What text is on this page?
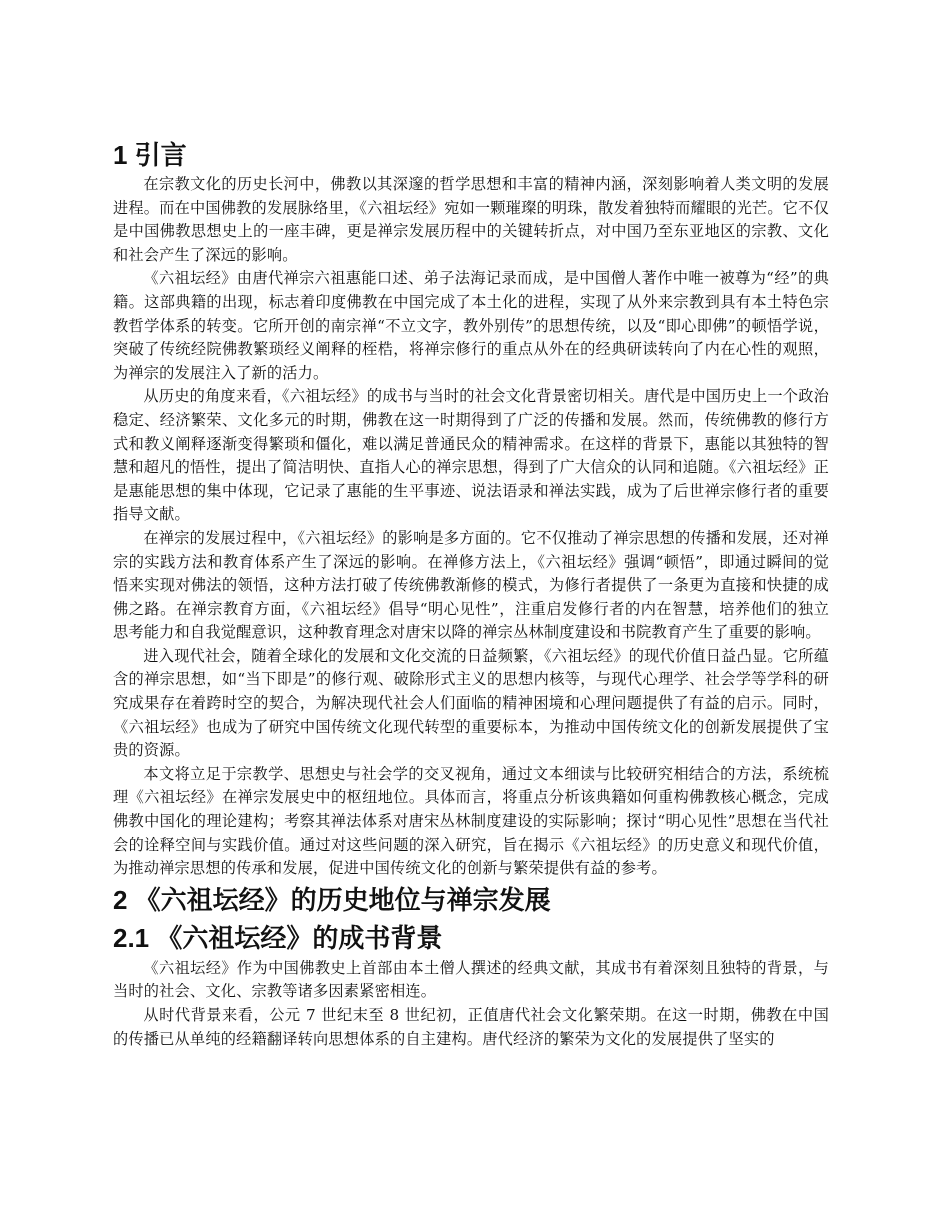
1 引言

在宗教文化的历史长河中，佛教以其深邃的哲学思想和丰富的精神内涵，深刻影响着人类文明的发展进程。而在中国佛教的发展脉络里，《六祖坛经》宛如一颗璀璨的明珠，散发着独特而耀眼的光芒。它不仅是中国佛教思想史上的一座丰碑，更是禅宗发展历程中的关键转折点，对中国乃至东亚地区的宗教、文化和社会产生了深远的影响。

《六祖坛经》由唐代禅宗六祖惠能口述、弟子法海记录而成，是中国僧人著作中唯一被尊为“经”的典籍。这部典籍的出现，标志着印度佛教在中国完成了本土化的进程，实现了从外来宗教到具有本土特色宗教哲学体系的转变。它所开创的南宗禅“不立文字，教外别传”的思想传统，以及“即心即佛”的顿悟学说，突破了传统经院佛教繁琐经义阐释的桎梏，将禅宗修行的重点从外在的经典研读转向了内在心性的观照，为禅宗的发展注入了新的活力。

从历史的角度来看，《六祖坛经》的成书与当时的社会文化背景密切相关。唐代是中国历史上一个政治稳定、经济繁荣、文化多元的时期，佛教在这一时期得到了广泛的传播和发展。然而，传统佛教的修行方式和教义阐释逐渐变得繁琐和僵化，难以满足普通民众的精神需求。在这样的背景下，惠能以其独特的智慧和超凡的悟性，提出了简洁明快、直指人心的禅宗思想，得到了广大信众的认同和追随。《六祖坛经》正是惠能思想的集中体现，它记录了惠能的生平事迹、说法语录和禅法实践，成为了后世禅宗修行者的重要指导文献。

在禅宗的发展过程中，《六祖坛经》的影响是多方面的。它不仅推动了禅宗思想的传播和发展，还对禅宗的实践方法和教育体系产生了深远的影响。在禅修方法上，《六祖坛经》强调“顿悟”，即通过瞬间的觉悟来实现对佛法的领悟，这种方法打破了传统佛教渐修的模式，为修行者提供了一条更为直接和快捷的成佛之路。在禅宗教育方面，《六祖坛经》倡导“明心见性”，注重启发修行者的内在智慧，培养他们的独立思考能力和自我觉醒意识，这种教育理念对唐宋以降的禅宗丛林制度建设和书院教育产生了重要的影响。

进入现代社会，随着全球化的发展和文化交流的日益频繁，《六祖坛经》的现代价值日益凸显。它所蕴含的禅宗思想，如“当下即是”的修行观、破除形式主义的思想内核等，与现代心理学、社会学等学科的研究成果存在着跨时空的契合，为解决现代社会人们面临的精神困境和心理问题提供了有益的启示。同时，《六祖坛经》也成为了研究中国传统文化现代转型的重要标本，为推动中国传统文化的创新发展提供了宝贵的资源。

本文将立足于宗教学、思想史与社会学的交叉视角，通过文本细读与比较研究相结合的方法，系统梳理《六祖坛经》在禅宗发展史中的枢纽地位。具体而言，将重点分析该典籍如何重构佛教核心概念，完成佛教中国化的理论建构；考察其禅法体系对唐宋丛林制度建设的实际影响；探讨“明心见性”思想在当代社会的诠释空间与实践价值。通过对这些问题的深入研究，旨在揭示《六祖坛经》的历史意义和现代价值，为推动禅宗思想的传承和发展，促进中国传统文化的创新与繁荣提供有益的参考。

2 《六祖坛经》的历史地位与禅宗发展
2.1 《六祖坛经》的成书背景

《六祖坛经》作为中国佛教史上首部由本土僧人撰述的经典文献，其成书有着深刻且独特的背景，与当时的社会、文化、宗教等诸多因素紧密相连。

从时代背景来看，公元 7 世纪末至 8 世纪初，正值唐代社会文化繁荣期。在这一时期，佛教在中国的传播已从单纯的经籍翻译转向思想体系的自主建构。唐代经济的繁荣为文化的发展提供了坚实的
